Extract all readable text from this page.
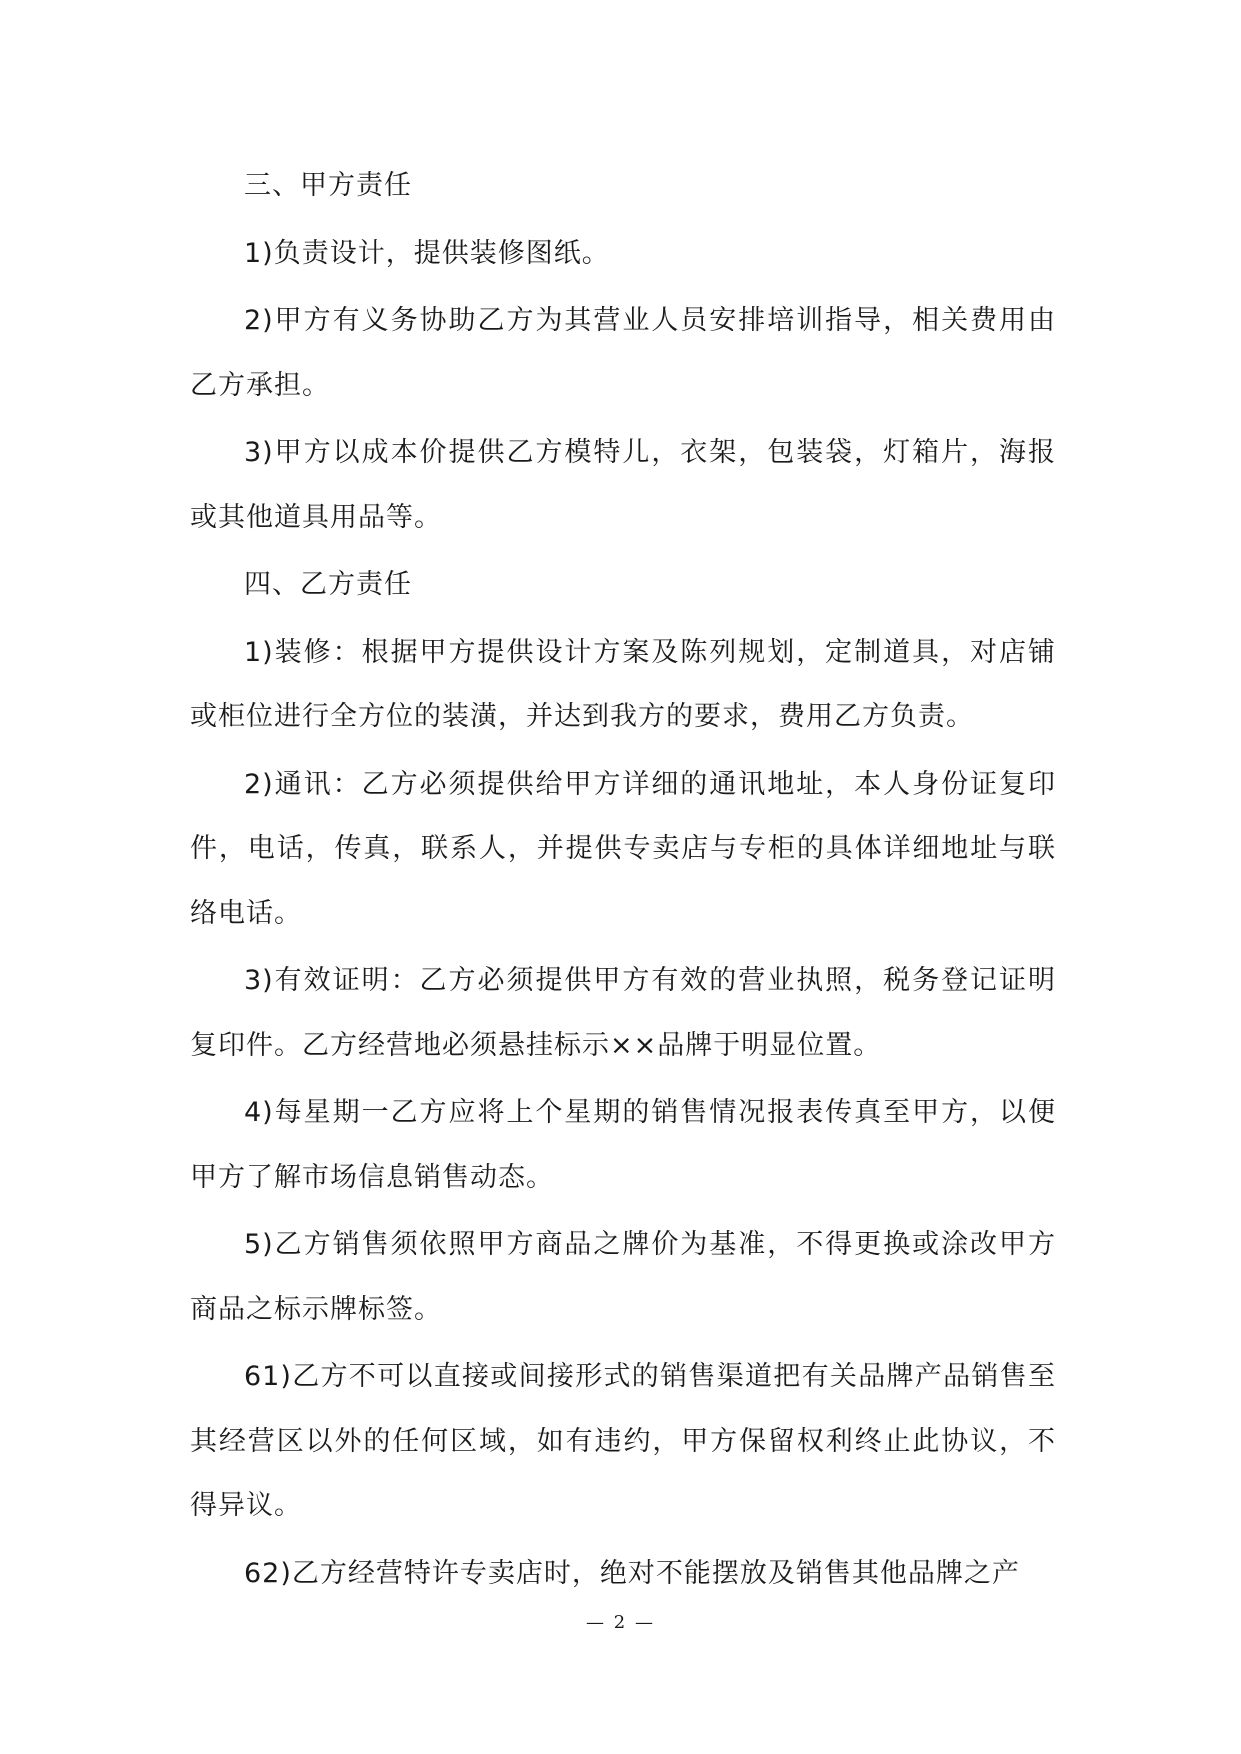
三、甲方责任

1)负责设计，提供装修图纸。

2)甲方有义务协助乙方为其营业人员安排培训指导，相关费用由乙方承担。

3)甲方以成本价提供乙方模特儿，衣架，包装袋，灯箱片，海报或其他道具用品等。

四、乙方责任

1)装修：根据甲方提供设计方案及陈列规划，定制道具，对店铺或柜位进行全方位的装潢，并达到我方的要求，费用乙方负责。

2)通讯：乙方必须提供给甲方详细的通讯地址，本人身份证复印件，电话，传真，联系人，并提供专卖店与专柜的具体详细地址与联络电话。

3)有效证明：乙方必须提供甲方有效的营业执照，税务登记证明复印件。乙方经营地必须悬挂标示××品牌于明显位置。

4)每星期一乙方应将上个星期的销售情况报表传真至甲方，以便甲方了解市场信息销售动态。

5)乙方销售须依照甲方商品之牌价为基准，不得更换或涂改甲方商品之标示牌标签。

61)乙方不可以直接或间接形式的销售渠道把有关品牌产品销售至其经营区以外的任何区域，如有违约，甲方保留权利终止此协议，不得异议。

62)乙方经营特许专卖店时，绝对不能摆放及销售其他品牌之产

— 2 —
